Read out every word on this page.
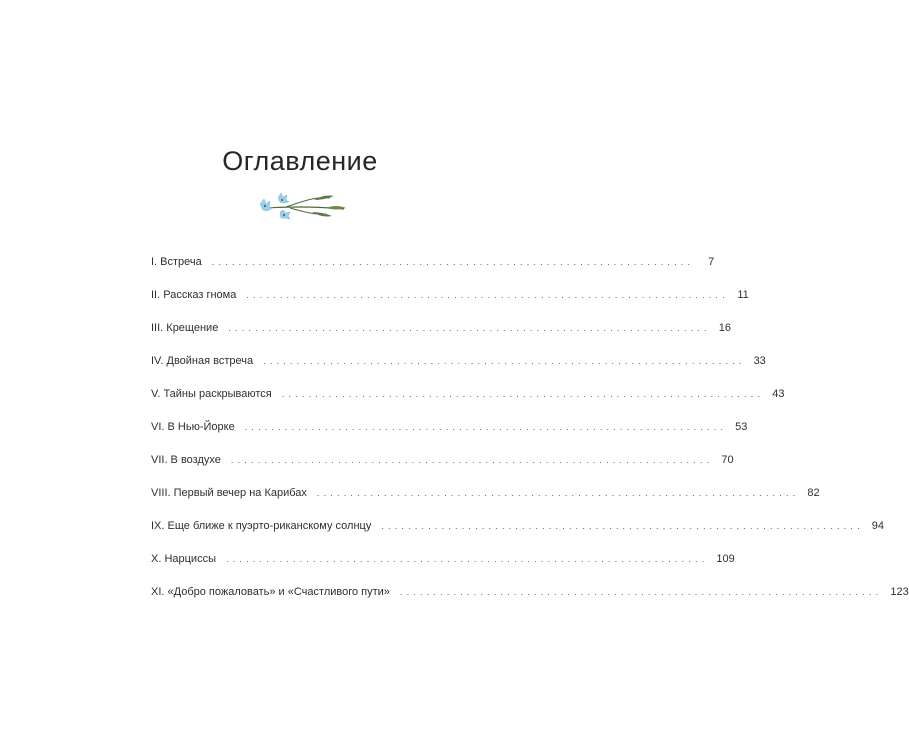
Оглавление
I. Встреча ........................................................................	7
II. Рассказ гнома ........................................................................ 11
III. Крещение ........................................................................ 16
IV. Двойная встреча ........................................................................ 33
V. Тайны раскрываются ........................................................................ 43
VI. В Нью-Йорке ........................................................................ 53
VII. В воздухе ........................................................................ 70
VIII. Первый вечер на Карибах ........................................................................ 82
IX. Еще ближе к пуэрто-риканскому солнцу ........................................................................ 94
X. Нарциссы ........................................................................ 109
XI. «Добро пожаловать» и «Счастливого пути» ........................................................................ 123
